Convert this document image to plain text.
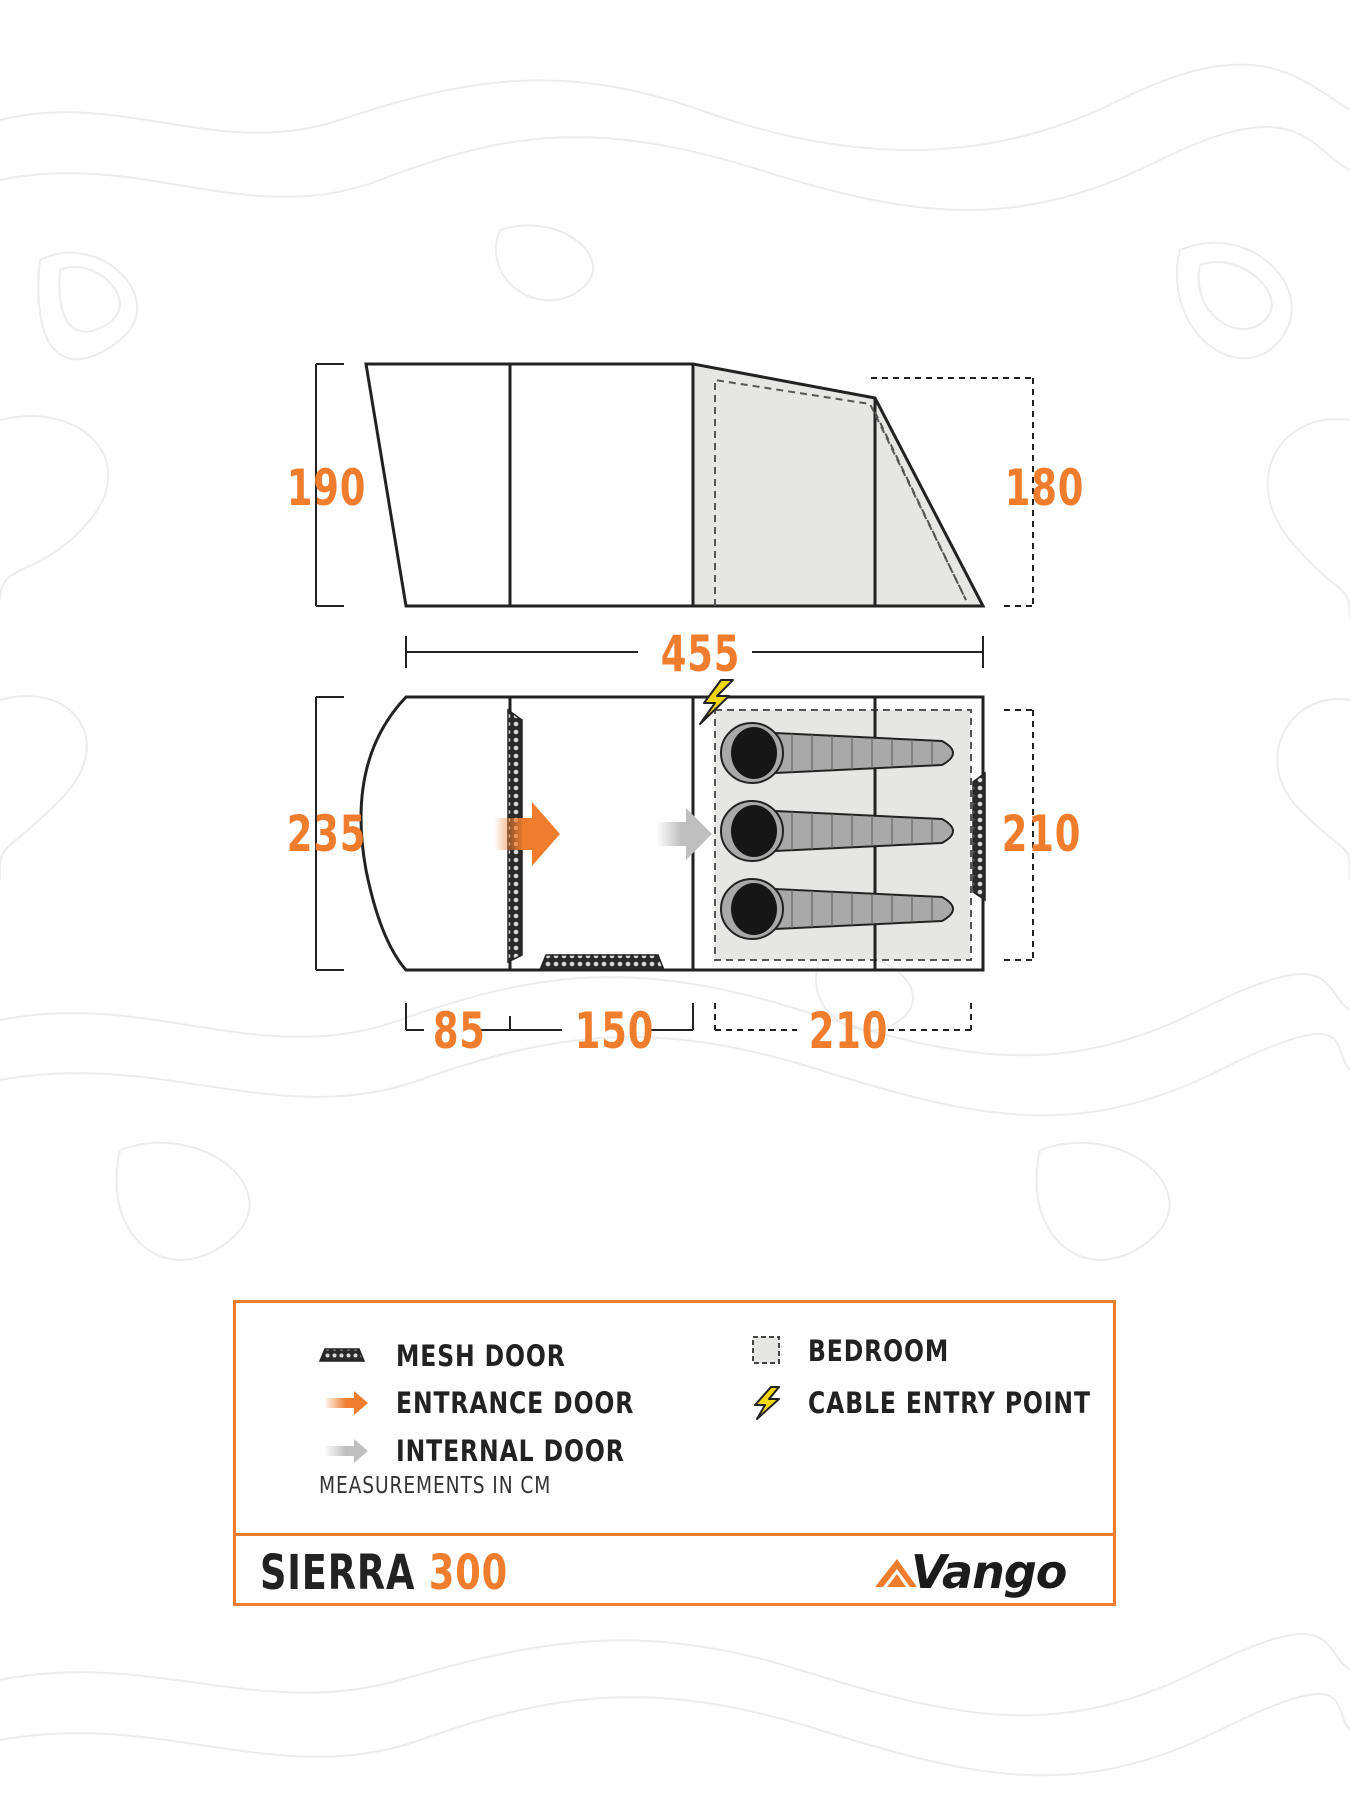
190	180
455
235	210
85 150	210
MESH DOOR
ENTRANCE DOOR
INTERNAL DOOR
BEDROOM
CABLE ENTRY POINT
MEASUREMENTS IN CM
SIERRA 300	Vango
